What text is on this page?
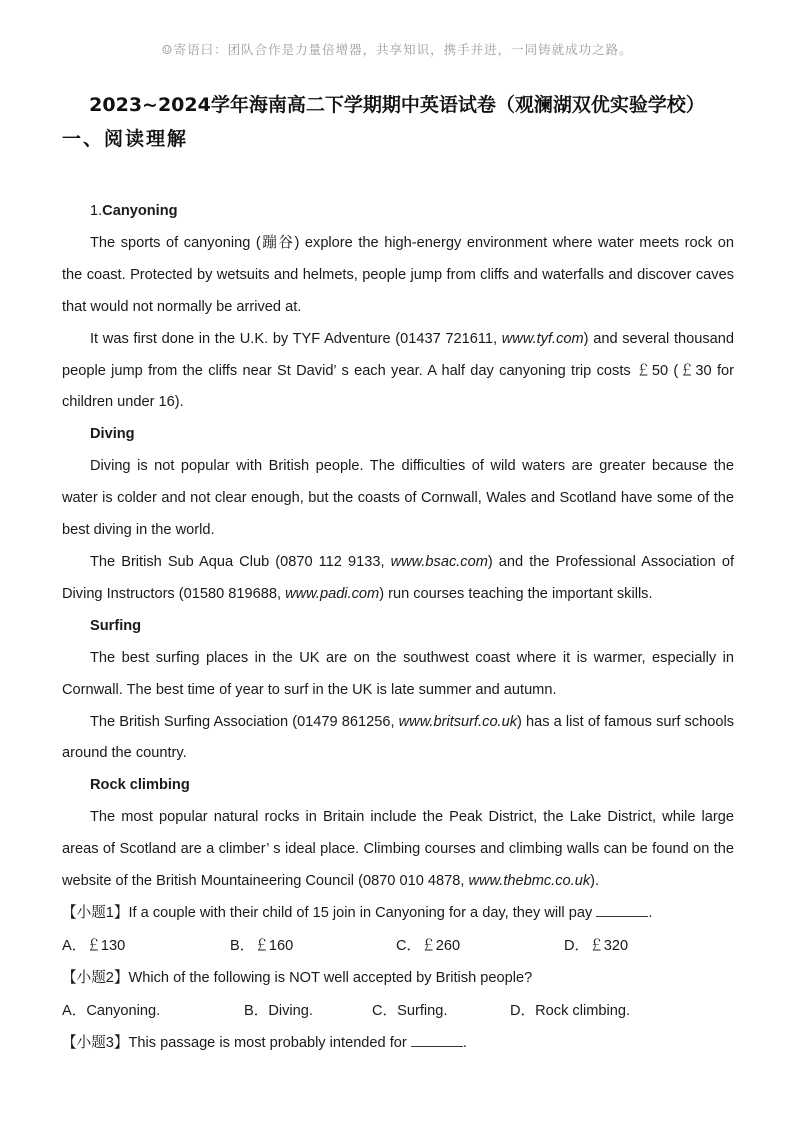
☺寄语曰：团队合作是力量倍增器，共享知识，携手并进，一同铸就成功之路。
2023~2024学年海南高二下学期期中英语试卷（观澜湖双优实验学校）
一、阅读理解

1.Canyoning

The sports of canyoning (蹦谷) explore the high-energy environment where water meets rock on the coast. Protected by wetsuits and helmets, people jump from cliffs and waterfalls and discover caves that would not normally be arrived at.

It was first done in the U.K. by TYF Adventure (01437 721611, www.tyf.com) and several thousand people jump from the cliffs near St David’ s each year. A half day canyoning trip costs ￡50 (￡30 for children under 16).

Diving

Diving is not popular with British people. The difficulties of wild waters are greater because the water is colder and not clear enough, but the coasts of Cornwall, Wales and Scotland have some of the best diving in the world.

The British Sub Aqua Club (0870 112 9133, www.bsac.com) and the Professional Association of Diving Instructors (01580 819688, www.padi.com) run courses teaching the important skills.

Surfing

The best surfing places in the UK are on the southwest coast where it is warmer, especially in Cornwall. The best time of year to surf in the UK is late summer and autumn.

The British Surfing Association (01479 861256, www.britsurf.co.uk) has a list of famous surf schools around the country.

Rock climbing

The most popular natural rocks in Britain include the Peak District, the Lake District, while large areas of Scotland are a climber’ s ideal place. Climbing courses and climbing walls can be found on the website of the British Mountaineering Council (0870 010 4878, www.thebmc.co.uk).

【小题1】If a couple with their child of 15 join in Canyoning for a day, they will pay	.

A．￡130	B．￡160	C．￡260	D．￡320

【小题2】Which of the following is NOT well accepted by British people?

A．Canyoning.	B．Diving.	C．Surfing.	D．Rock climbing.

【小题3】This passage is most probably intended for	.
